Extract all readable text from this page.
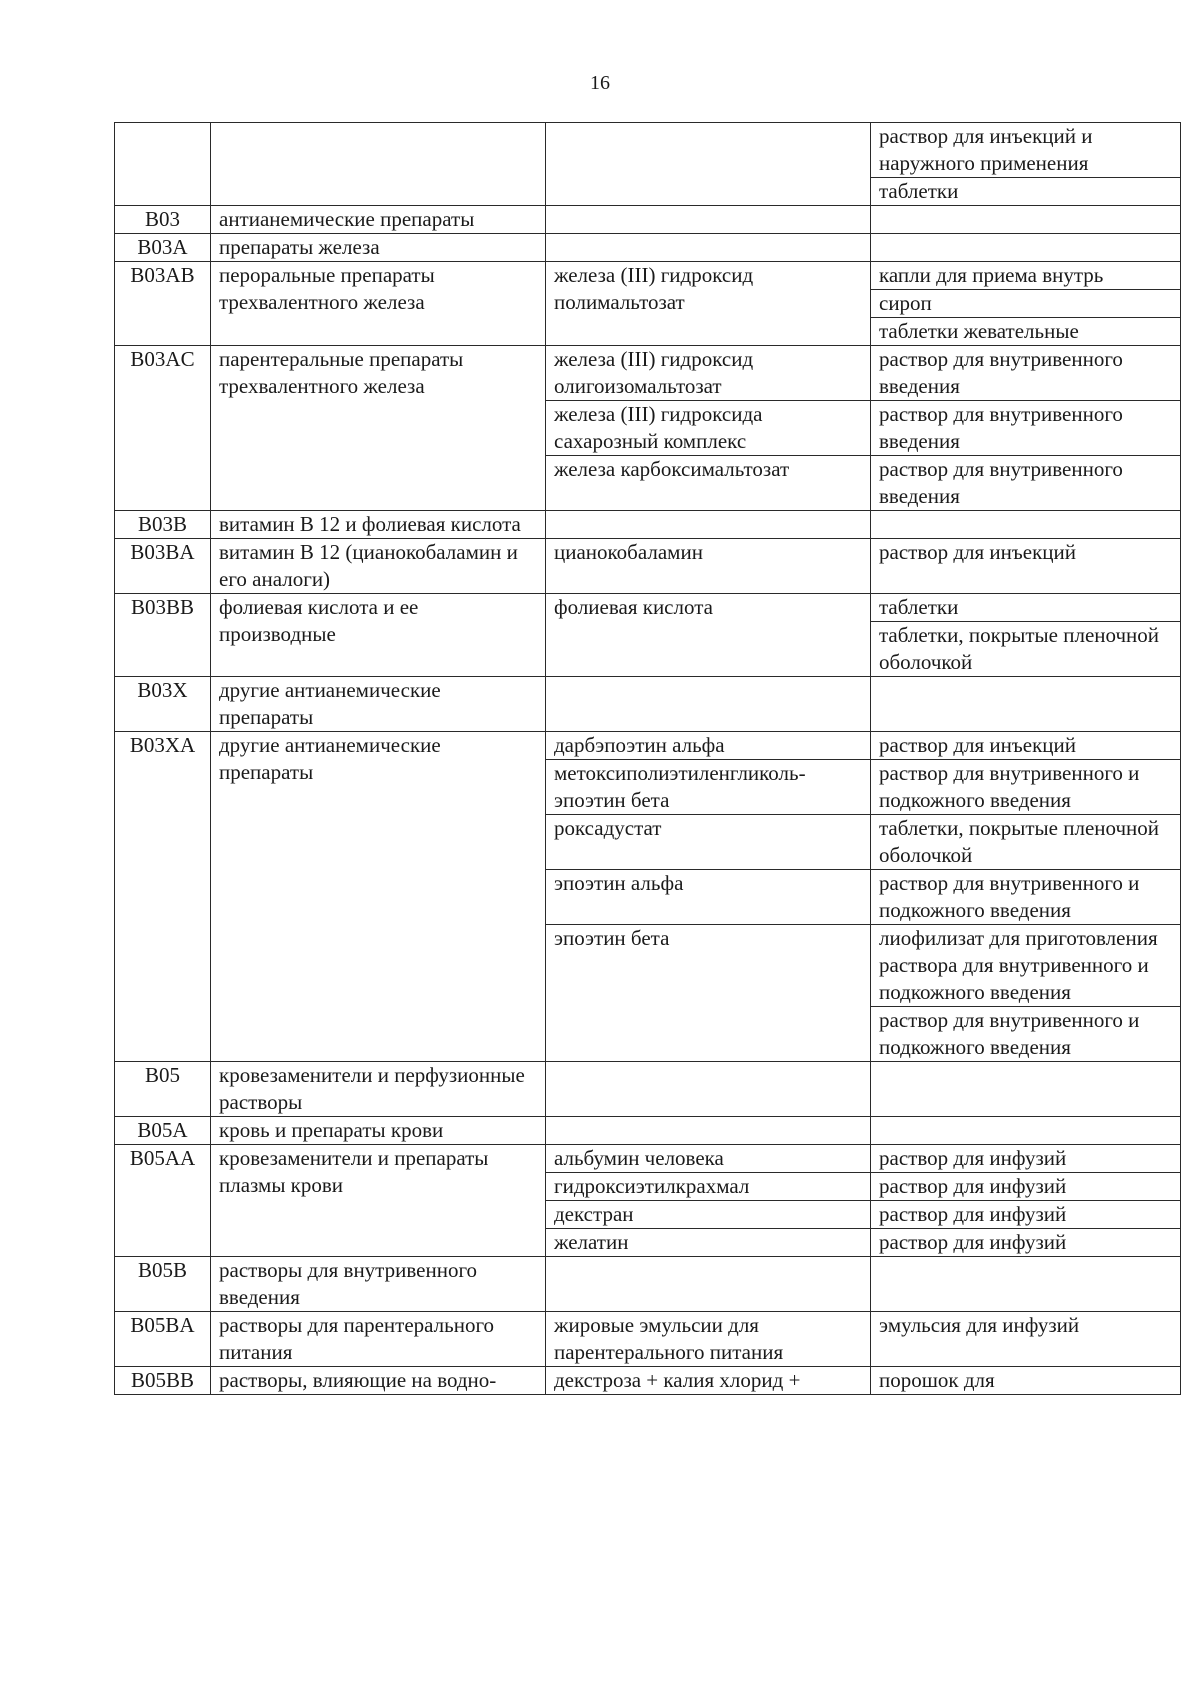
16

			раствор для инъекций и наружного применения
таблетки

B03	антианемические препараты		

B03A	препараты железа		

B03AB	пероральные препараты трехвалентного железа	железа (III) гидроксид полимальтозат	капли для приема внутрь
сироп
таблетки жевательные

B03AC	парентеральные препараты трехвалентного железа	железа (III) гидроксид олигоизомальтозат	раствор для внутривенного введения

		железа (III) гидроксида сахарозный комплекс	раствор для внутривенного введения

		железа карбоксимальтозат	раствор для внутривенного введения

B03B	витамин В 12 и фолиевая кислота		

B03BA	витамин В 12 (цианокобаламин и его аналоги)	цианокобаламин	раствор для инъекций

B03BB	фолиевая кислота и ее производные	фолиевая кислота	таблетки
таблетки, покрытые пленочной оболочкой

B03X	другие антианемические препараты		

B03XA	другие антианемические препараты	дарбэпоэтин альфа	раствор для инъекций

		метоксиполиэтиленгликоль-эпоэтин бета	раствор для внутривенного и подкожного введения

		роксадустат	таблетки, покрытые пленочной оболочкой

		эпоэтин альфа	раствор для внутривенного и подкожного введения

		эпоэтин бета	лиофилизат для приготовления раствора для внутривенного и подкожного введения
раствор для внутривенного и подкожного введения

B05	кровезаменители и перфузионные растворы		

B05A	кровь и препараты крови		

B05AA	кровезаменители и препараты плазмы крови	альбумин человека	раствор для инфузий

		гидроксиэтилкрахмал	раствор для инфузий

		декстран	раствор для инфузий

		желатин	раствор для инфузий

B05B	растворы для внутривенного введения		

B05BA	растворы для парентерального питания	жировые эмульсии для парентерального питания	эмульсия для инфузий

B05BB	растворы, влияющие на водно-	декстроза + калия хлорид +	порошок для
